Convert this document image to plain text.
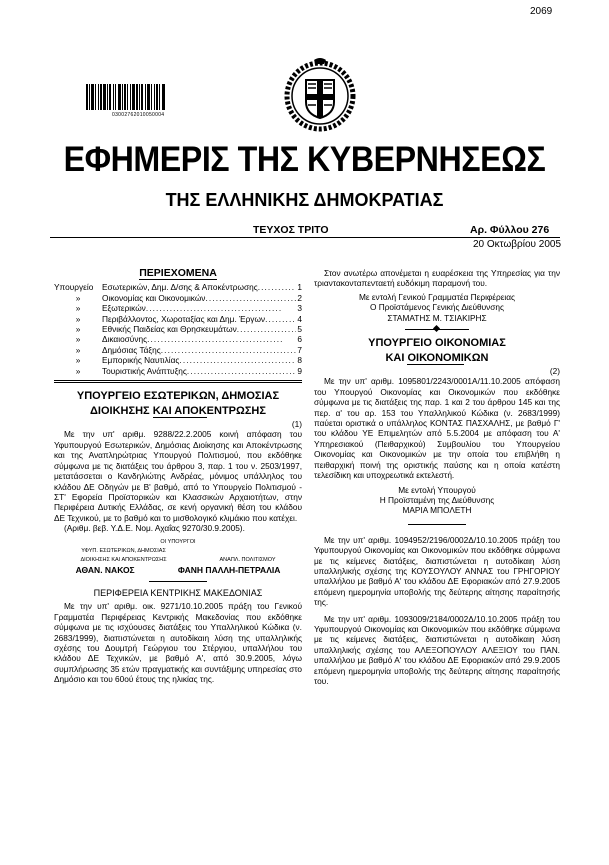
2069
03002762010050004
ΕΦΗΜΕΡΙΣ ΤΗΣ ΚΥΒΕΡΝΗΣΕΩΣ
ΤΗΣ ΕΛΛΗΝΙΚΗΣ ΔΗΜΟΚΡΑΤΙΑΣ
ΤΕΥΧΟΣ ΤΡΙΤΟ	Αρ. Φύλλου 276
20 Οκτωβρίου 2005
ΠΕΡΙΕΧΟΜΕΝΑ
Υπουργείο	Εσωτερικών, Δημ. Δ/σης & Αποκέντρωσης . . .	1
»	Οικονομίας και Οικονομικών . . .	2
»	Εξωτερικών . . .	3
»	Περιβάλλοντος, Χωροταξίας και Δημ. Έργων . . .	4
»	Εθνικής Παιδείας και Θρησκευμάτων . . .	5
»	Δικαιοσύνης . . .	6
»	Δημόσιας Τάξης . . .	7
»	Εμπορικής Ναυτιλίας . . .	8
»	Τουριστικής Ανάπτυξης . . .	9
ΥΠΟΥΡΓΕΙΟ ΕΣΩΤΕΡΙΚΩΝ, ΔΗΜΟΣΙΑΣ
ΔΙΟΙΚΗΣΗΣ ΚΑΙ ΑΠΟΚΕΝΤΡΩΣΗΣ
(1)
Με την υπ' αριθμ. 9288/22.2.2005 κοινή απόφαση του Υφυπουργού Εσωτερικών, Δημόσιας Διοίκησης και Αποκέντρωσης και της Αναπληρώτριας Υπουργού Πολιτισμού, που εκδόθηκε σύμφωνα με τις διατάξεις του άρθρου 3, παρ. 1 του ν. 2503/1997, μετατάσσεται ο Κανδηλιώτης Ανδρέας, μόνιμος υπάλληλος του κλάδου ΔΕ Οδηγών με Β' βαθμό, από το Υπουργείο Πολιτισμού - ΣΤ' Εφορεία Προϊστορικών και Κλασσικών Αρχαιοτήτων, στην Περιφέρεια Δυτικής Ελλάδας, σε κενή οργανική θέση του κλάδου ΔΕ Τεχνικού, με το βαθμό και το μισθολογικό κλιμάκιο που κατέχει.
(Αριθμ. βεβ. Υ.Δ.Ε. Νομ. Αχαΐας 9270/30.9.2005).
ΟΙ ΥΠΟΥΡΓΟΙ
ΥΦΥΠ. ΕΣΩΤΕΡΙΚΩΝ, ΔΗΜΟΣΙΑΣ
ΔΙΟΙΚΗΣΗΣ ΚΑΙ ΑΠΟΚΕΝΤΡΩΣΗΣ	ΑΝΑΠΛ. ΠΟΛΙΤΙΣΜΟΥ
ΑΘΑΝ. ΝΑΚΟΣ	ΦΑΝΗ ΠΑΛΛΗ-ΠΕΤΡΑΛΙΑ
ΠΕΡΙΦΕΡΕΙΑ ΚΕΝΤΡΙΚΗΣ ΜΑΚΕΔΟΝΙΑΣ
Με την υπ' αριθμ. οικ. 9271/10.10.2005 πράξη του Γενικού Γραμματέα Περιφέρειας Κεντρικής Μακεδονίας που εκδόθηκε σύμφωνα με τις ισχύουσες διατάξεις του Υπαλληλικού Κώδικα (ν. 2683/1999), διαπιστώνεται η αυτοδίκαιη λύση της υπαλληλικής σχέσης του Δουμτρή Γεώργιου του Στέργιου, υπαλλήλου του κλάδου ΔΕ Τεχνικών, με βαθμό Α', από 30.9.2005, λόγω συμπλήρωσης 35 ετών πραγματικής και συντάξιμης υπηρεσίας στο Δημόσιο και του 60ού έτους της ηλικίας της.
Στον ανωτέρω απονέμεται η ευαρέσκεια της Υπηρεσίας για την τριαντακονταπενταετή ευδόκιμη παραμονή του.
Με εντολή Γενικού Γραμματέα Περιφέρειας
Ο Προϊστάμενος Γενικής Διεύθυνσης
ΣΤΑΜΑΤΗΣ Μ. ΤΣΙΑΚΙΡΗΣ
ΥΠΟΥΡΓΕΙΟ ΟΙΚΟΝΟΜΙΑΣ
ΚΑΙ ΟΙΚΟΝΟΜΙΚΩΝ
(2)
Με την υπ' αριθμ. 1095801/2243/0001Α/11.10.2005 απόφαση του Υπουργού Οικονομίας και Οικονομικών που εκδόθηκε σύμφωνα με τις διατάξεις της παρ. 1 και 2 του άρθρου 145 και της περ. α' του αρ. 153 του Υπαλληλικού Κώδικα (ν. 2683/1999) παύεται οριστικά ο υπάλληλος ΚΟΝΤΑΣ ΠΑΣΧΑΛΗΣ, με βαθμό Γ' του κλάδου ΥΕ Επιμελητών από 5.5.2004 με απόφαση του Α' Υπηρεσιακού (Πειθαρχικού) Συμβουλίου του Υπουργείου Οικονομίας και Οικονομικών με την οποία του επιβλήθη η πειθαρχική ποινή της οριστικής παύσης και η οποία κατέστη τελεσίδικη και υποχρεωτικά εκτελεστή.
Με εντολή Υπουργού
Η Προϊσταμένη της Διεύθυνσης
ΜΑΡΙΑ ΜΠΟΛΕΤΗ
Με την υπ' αριθμ. 1094952/2196/0002Δ/10.10.2005 πράξη του Υφυπουργού Οικονομίας και Οικονομικών που εκδόθηκε σύμφωνα με τις κείμενες διατάξεις, διαπιστώνεται η αυτοδίκαιη λύση υπαλληλικής σχέσης της ΚΟΥΣΟΥΛΟΥ ΑΝΝΑΣ του ΓΡΗΓΟΡΙΟΥ υπαλλήλου με βαθμό Α' του κλάδου ΔΕ Εφοριακών από 27.9.2005 επόμενη ημερομηνία υποβολής της δεύτερης αίτησης παραίτησής της.
Με την υπ' αριθμ. 1093009/2184/0002Δ/10.10.2005 πράξη του Υφυπουργού Οικονομίας και Οικονομικών που εκδόθηκε σύμφωνα με τις κείμενες διατάξεις, διαπιστώνεται η αυτοδίκαιη λύση υπαλληλικής σχέσης του ΑΛΕΞΟΠΟΥΛΟΥ ΑΛΕΞΙΟΥ του ΠΑΝ. υπαλλήλου με βαθμό Α' του κλάδου ΔΕ Εφοριακών από 29.9.2005 επόμενη ημερομηνία υποβολής της δεύτερης αίτησης παραίτησής του.
